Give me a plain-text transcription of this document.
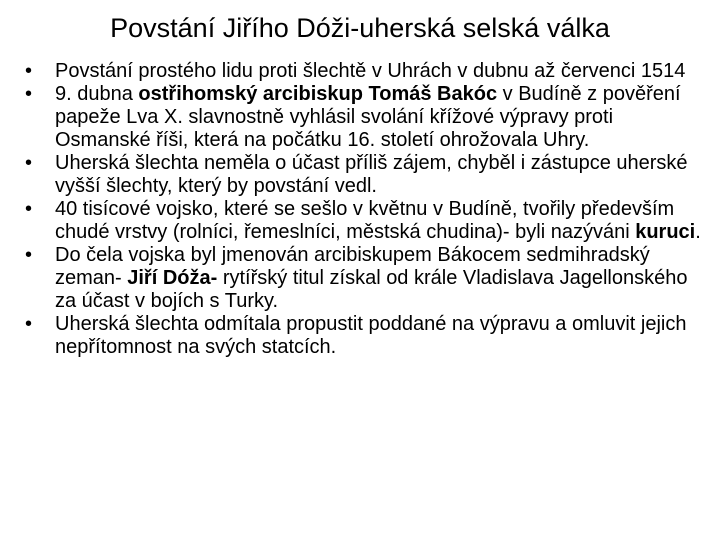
Povstání Jiřího Dóži-uherská selská válka
• Povstání prostého lidu proti šlechtě v Uhrách v dubnu až červenci 1514
• 9. dubna ostřihomský arcibiskup Tomáš Bakóc v Budíně z pověření papeže Lva X. slavnostně vyhlásil svolání křížové výpravy proti Osmanské říši, která na počátku 16. století ohrožovala Uhry.
• Uherská šlechta neměla o účast příliš zájem, chyběl i zástupce uherské vyšší šlechty, který by povstání vedl.
• 40 tisícové vojsko, které se sešlo v květnu v Budíně, tvořily především chudé vrstvy (rolníci, řemeslníci, městská chudina)- byli nazýváni kuruci.
• Do čela vojska byl jmenován arcibiskupem Bákocem sedmihradský zeman- Jiří Dóža- rytířský titul získal od krále Vladislava Jagellonského za účast v bojích s Turky.
• Uherská šlechta odmítala propustit poddané na výpravu a omluvit jejich nepřítomnost na svých statcích.
